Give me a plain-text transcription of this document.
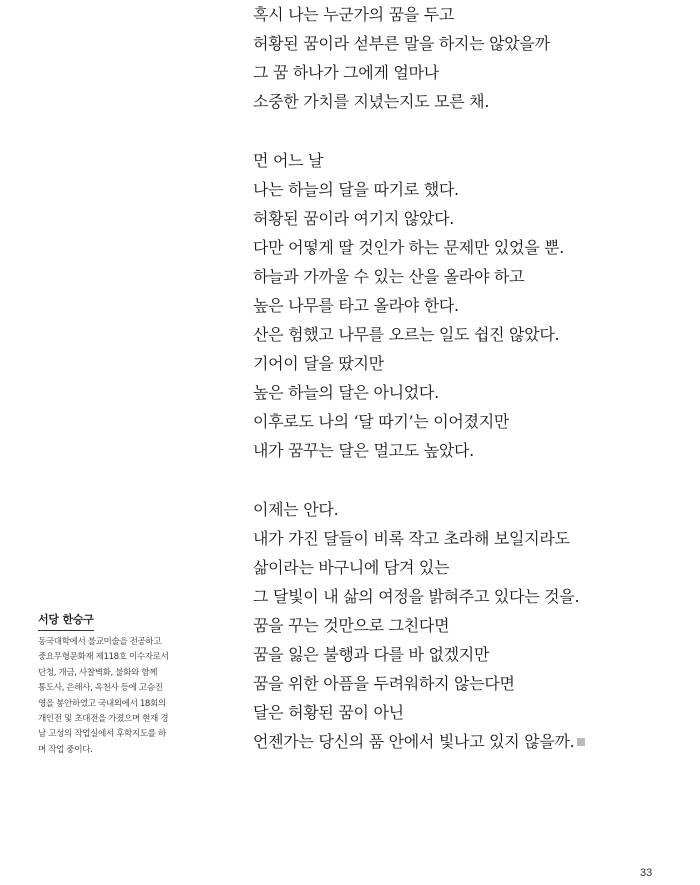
혹시 나는 누군가의 꿈을 두고
허황된 꿈이라 섣부른 말을 하지는 않았을까
그 꿈 하나가 그에게 얼마나
소중한 가치를 지녔는지도 모른 채.
먼 어느 날
나는 하늘의 달을 따기로 했다.
허황된 꿈이라 여기지 않았다.
다만 어떻게 딸 것인가 하는 문제만 있었을 뿐.
하늘과 가까울 수 있는 산을 올라야 하고
높은 나무를 타고 올라야 한다.
산은 험했고 나무를 오르는 일도 쉽진 않았다.
기어이 달을 땄지만
높은 하늘의 달은 아니었다.
이후로도 나의 ‘달 따기’는 이어졌지만
내가 꿈꾸는 달은 멀고도 높았다.
이제는 안다.
내가 가진 달들이 비록 작고 초라해 보일지라도
삶이라는 바구니에 담겨 있는
그 달빛이 내 삶의 여정을 밝혀주고 있다는 것을.
꿈을 꾸는 것만으로 그친다면
꿈을 잃은 불행과 다를 바 없겠지만
꿈을 위한 아픔을 두려워하지 않는다면
달은 허황된 꿈이 아닌
언젠가는 당신의 품 안에서 빛나고 있지 않을까.
서당 한승구
동국대학에서 불교미술을 전공하고
중요무형문화재 제118호 이수자로서
단청, 개금, 사찰벽화, 불화와 함께
통도사, 은해사, 옥천사 등에 고승진
영을 봉안하였고 국내외에서 18회의
개인전 및 초대전을 가졌으며 현재 경
남 고성의 작업실에서 후학지도를 하
며 작업 중이다.
33
